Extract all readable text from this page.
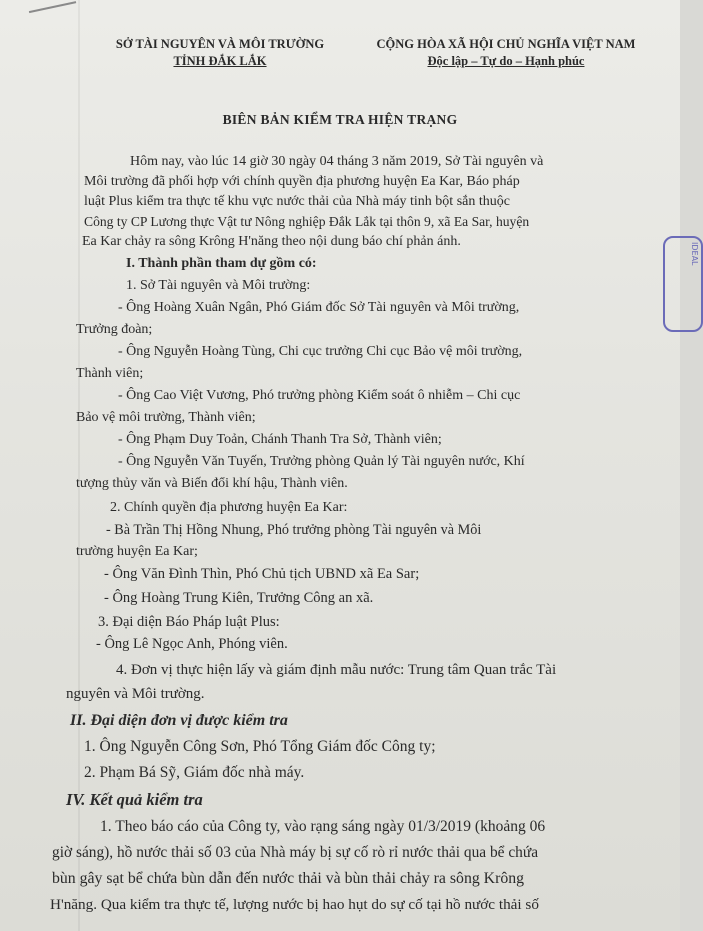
IDEAL
SỞ TÀI NGUYÊN VÀ MÔI TRƯỜNG
TỈNH ĐẮK LẮK
CỘNG HÒA XÃ HỘI CHỦ NGHĨA VIỆT NAM
Độc lập – Tự do – Hạnh phúc
BIÊN BẢN KIỂM TRA HIỆN TRẠNG
Hôm nay, vào lúc 14 giờ 30 ngày 04 tháng 3 năm 2019, Sở Tài nguyên và
Môi trường đã phối hợp với chính quyền địa phương huyện Ea Kar, Báo pháp
luật Plus kiểm tra thực tế khu vực nước thải của Nhà máy tinh bột sắn thuộc
Công ty CP Lương thực Vật tư Nông nghiệp Đắk Lắk tại thôn 9, xã Ea Sar, huyện
Ea Kar chảy ra sông Krông H'năng theo nội dung báo chí phản ánh.
I. Thành phần tham dự gồm có:
1. Sở Tài nguyên và Môi trường:
- Ông Hoàng Xuân Ngân, Phó Giám đốc Sở Tài nguyên và Môi trường,
Trưởng đoàn;
- Ông Nguyễn Hoàng Tùng, Chi cục trưởng Chi cục Bảo vệ môi trường,
Thành viên;
- Ông Cao Việt Vương, Phó trưởng phòng Kiểm soát ô nhiễm – Chi cục
Bảo vệ môi trường, Thành viên;
- Ông Phạm Duy Toản, Chánh Thanh Tra Sở, Thành viên;
- Ông Nguyễn Văn Tuyến, Trưởng phòng Quản lý Tài nguyên nước, Khí
tượng thủy văn và Biến đổi khí hậu, Thành viên.
2. Chính quyền địa phương huyện Ea Kar:
- Bà Trần Thị Hồng Nhung, Phó trưởng phòng Tài nguyên và Môi
trường huyện Ea Kar;
- Ông Văn Đình Thìn, Phó Chủ tịch UBND xã Ea Sar;
- Ông Hoàng Trung Kiên, Trưởng Công an xã.
3. Đại diện Báo Pháp luật Plus:
- Ông Lê Ngọc Anh, Phóng viên.
4. Đơn vị thực hiện lấy và giám định mẫu nước: Trung tâm Quan trắc Tài
nguyên và Môi trường.
II. Đại diện đơn vị được kiểm tra
1. Ông Nguyễn Công Sơn, Phó Tổng Giám đốc Công ty;
2. Phạm Bá Sỹ, Giám đốc nhà máy.
IV. Kết quả kiểm tra
1. Theo báo cáo của Công ty, vào rạng sáng ngày 01/3/2019 (khoảng 06
giờ sáng), hồ nước thải số 03 của Nhà máy bị sự cố rò rỉ nước thải qua bể chứa
bùn gây sạt bể chứa bùn dẫn đến nước thải và bùn thải chảy ra sông Krông
H'năng. Qua kiểm tra thực tế, lượng nước bị hao hụt do sự cố tại hồ nước thải số
